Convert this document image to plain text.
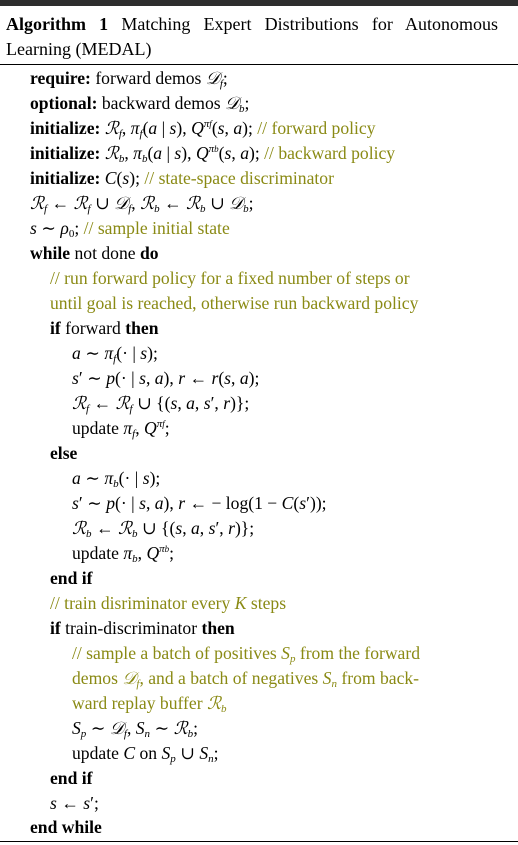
Algorithm 1 Matching Expert Distributions for Autonomous Learning (MEDAL)
require: forward demos 𝒟$_f$;
optional: backward demos 𝒟$_b$;
initialize: ℛ$_f$, $\pi_f(a$ | s), $Q^{\pi f}(s$, a); // forward policy
initialize: ℛ$_b$, $\pi_b(a$ | s), $Q^{\pi b}(s$, a); // backward policy
initialize: C(s); // state-space discriminator
ℛ$_f$ ← ℛ$_f$ ∪ 𝒟$_f$, ℛ$_b$ ← ℛ$_b$ ∪ 𝒟$_b$;
s ∼ $\rho_0$; // sample initial state
while not done do
// run forward policy for a fixed number of steps or
until goal is reached, otherwise run backward policy
if forward then
a ∼ $\pi_f(\cdot$ | s);
s′ ∼ p(· | s, a), r ← r(s, a);
ℛ$_f$ ← ℛ$_f$ ∪ {(s, a, s′, r)};
update $\pi_f$, $Q^{\pi f}$;
else
a ∼ $\pi_b(\cdot$ | s);
s′ ∼ p(· | s, a), r ← − log(1 − C(s′));
ℛ$_b$ ← ℛ$_b$ ∪ {(s, a, s′, r)};
update $\pi_b$, $Q^{\pi b}$;
end if
// train disriminator every K steps
if train-discriminator then
// sample a batch of positives $S_p$ from the forward
demos 𝒟$_f$, and a batch of negatives $S_n$ from back-
ward replay buffer ℛ$_b$
$S_p$ ∼ 𝒟$_f$, $S_n$ ∼ ℛ$_b$;
update C on $S_p$ ∪ $S_n$;
end if
s ← s′;
end while
